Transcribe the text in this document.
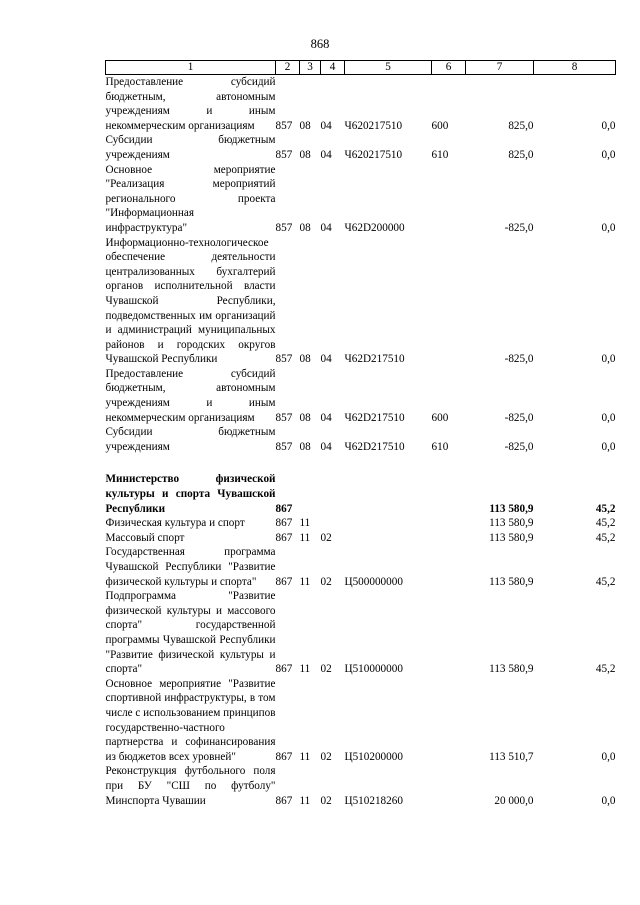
868
1	2	3	4	5	6	7	8
Предоставление субсидий бюджетным, автономным учреждениям и иным некоммерческим организациям	857	08	04	Ч620217510	600	825,0	0,0
Субсидии бюджетным учреждениям	857	08	04	Ч620217510	610	825,0	0,0
Основное мероприятие "Реализация мероприятий регионального проекта "Информационная инфраструктура"	857	08	04	Ч62D200000		-825,0	0,0
Информационно-технологическое обеспечение деятельности централизованных бухгалтерий органов исполнительной власти Чувашской Республики, подведомственных им организаций и администраций муниципальных районов и городских округов Чувашской Республики	857	08	04	Ч62D217510		-825,0	0,0
Предоставление субсидий бюджетным, автономным учреждениям и иным некоммерческим организациям	857	08	04	Ч62D217510	600	-825,0	0,0
Субсидии бюджетным учреждениям	857	08	04	Ч62D217510	610	-825,0	0,0

Министерство физической культуры и спорта Чувашской Республики	867					113 580,9	45,2
Физическая культура и спорт	867	11				113 580,9	45,2
Массовый спорт	867	11	02			113 580,9	45,2
Государственная программа Чувашской Республики "Развитие физической культуры и спорта"	867	11	02	Ц500000000		113 580,9	45,2
Подпрограмма "Развитие физической культуры и массового спорта" государственной программы Чувашской Республики "Развитие физической культуры и спорта"	867	11	02	Ц510000000		113 580,9	45,2
Основное мероприятие "Развитие спортивной инфраструктуры, в том числе с использованием принципов государственно-частного партнерства и софинансирования из бюджетов всех уровней"	867	11	02	Ц510200000		113 510,7	0,0
Реконструкция футбольного поля при БУ "СШ по футболу" Минспорта Чувашии	867	11	02	Ц510218260		20 000,0	0,0
